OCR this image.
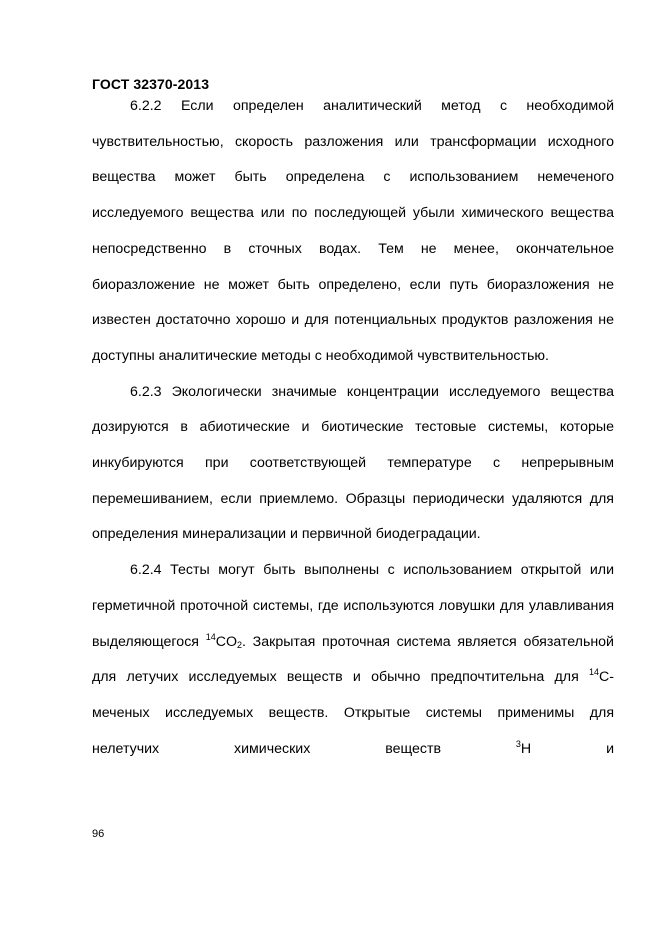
ГОСТ 32370-2013

6.2.2 Если определен аналитический метод с необходимой чувствительностью, скорость разложения или трансформации исходного вещества может быть определена с использованием немеченого исследуемого вещества или по последующей убыли химического вещества непосредственно в сточных водах. Тем не менее, окончательное биоразложение не может быть определено, если путь биоразложения не известен достаточно хорошо и для потенциальных продуктов разложения не доступны аналитические методы с необходимой чувствительностью.

6.2.3 Экологически значимые концентрации исследуемого вещества дозируются в абиотические и биотические тестовые системы, которые инкубируются при соответствующей температуре с непрерывным перемешиванием, если приемлемо. Образцы периодически удаляются для определения минерализации и первичной биодеградации.

6.2.4 Тесты могут быть выполнены с использованием открытой или герметичной проточной системы, где используются ловушки для улавливания выделяющегося $^{14}CO_2$. Закрытая проточная система является обязательной для летучих исследуемых веществ и обычно предпочтительна для $^{14}$С-меченых исследуемых веществ. Открытые системы применимы для нелетучих химических веществ $^3$Н и

96
